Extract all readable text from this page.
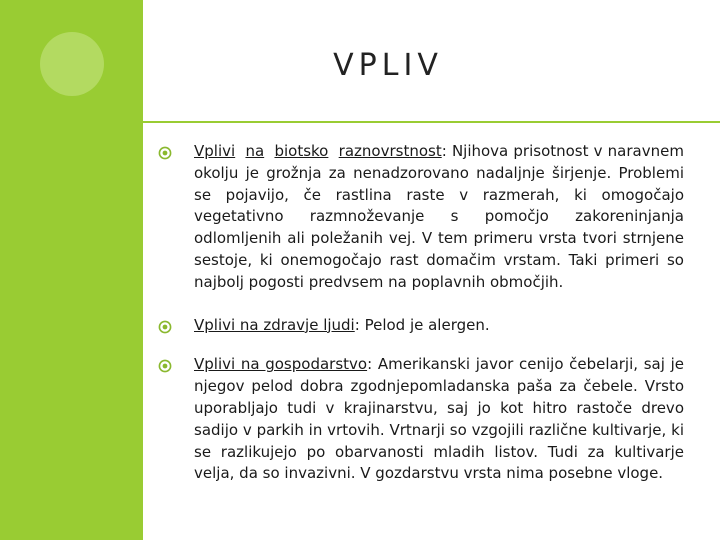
VPLIV
Vplivi na biotsko raznovrstnost: Njihova prisotnost v naravnem okolju je grožnja za nenadzorovano nadaljnje širjenje. Problemi se pojavijo, če rastlina raste v razmerah, ki omogočajo vegetativno razmnoževanje s pomočjo zakoreninjanja odlomljenih ali poležanih vej. V tem primeru vrsta tvori strnjene sestoje, ki onemogočajo rast domačim vrstam. Taki primeri so najbolj pogosti predvsem na poplavnih območjih.
Vplivi na zdravje ljudi: Pelod je alergen.
Vplivi na gospodarstvo: Amerikanski javor cenijo čebelarji, saj je njegov pelod dobra zgodnjepomladanska paša za čebele. Vrsto uporabljajo tudi v krajinarstvu, saj jo kot hitro rastoče drevo sadijo v parkih in vrtovih. Vrtnarji so vzgojili različne kultivarje, ki se razlikujejo po obarvanosti mladih listov. Tudi za kultivarje velja, da so invazivni. V gozdarstvu vrsta nima posebne vloge.
